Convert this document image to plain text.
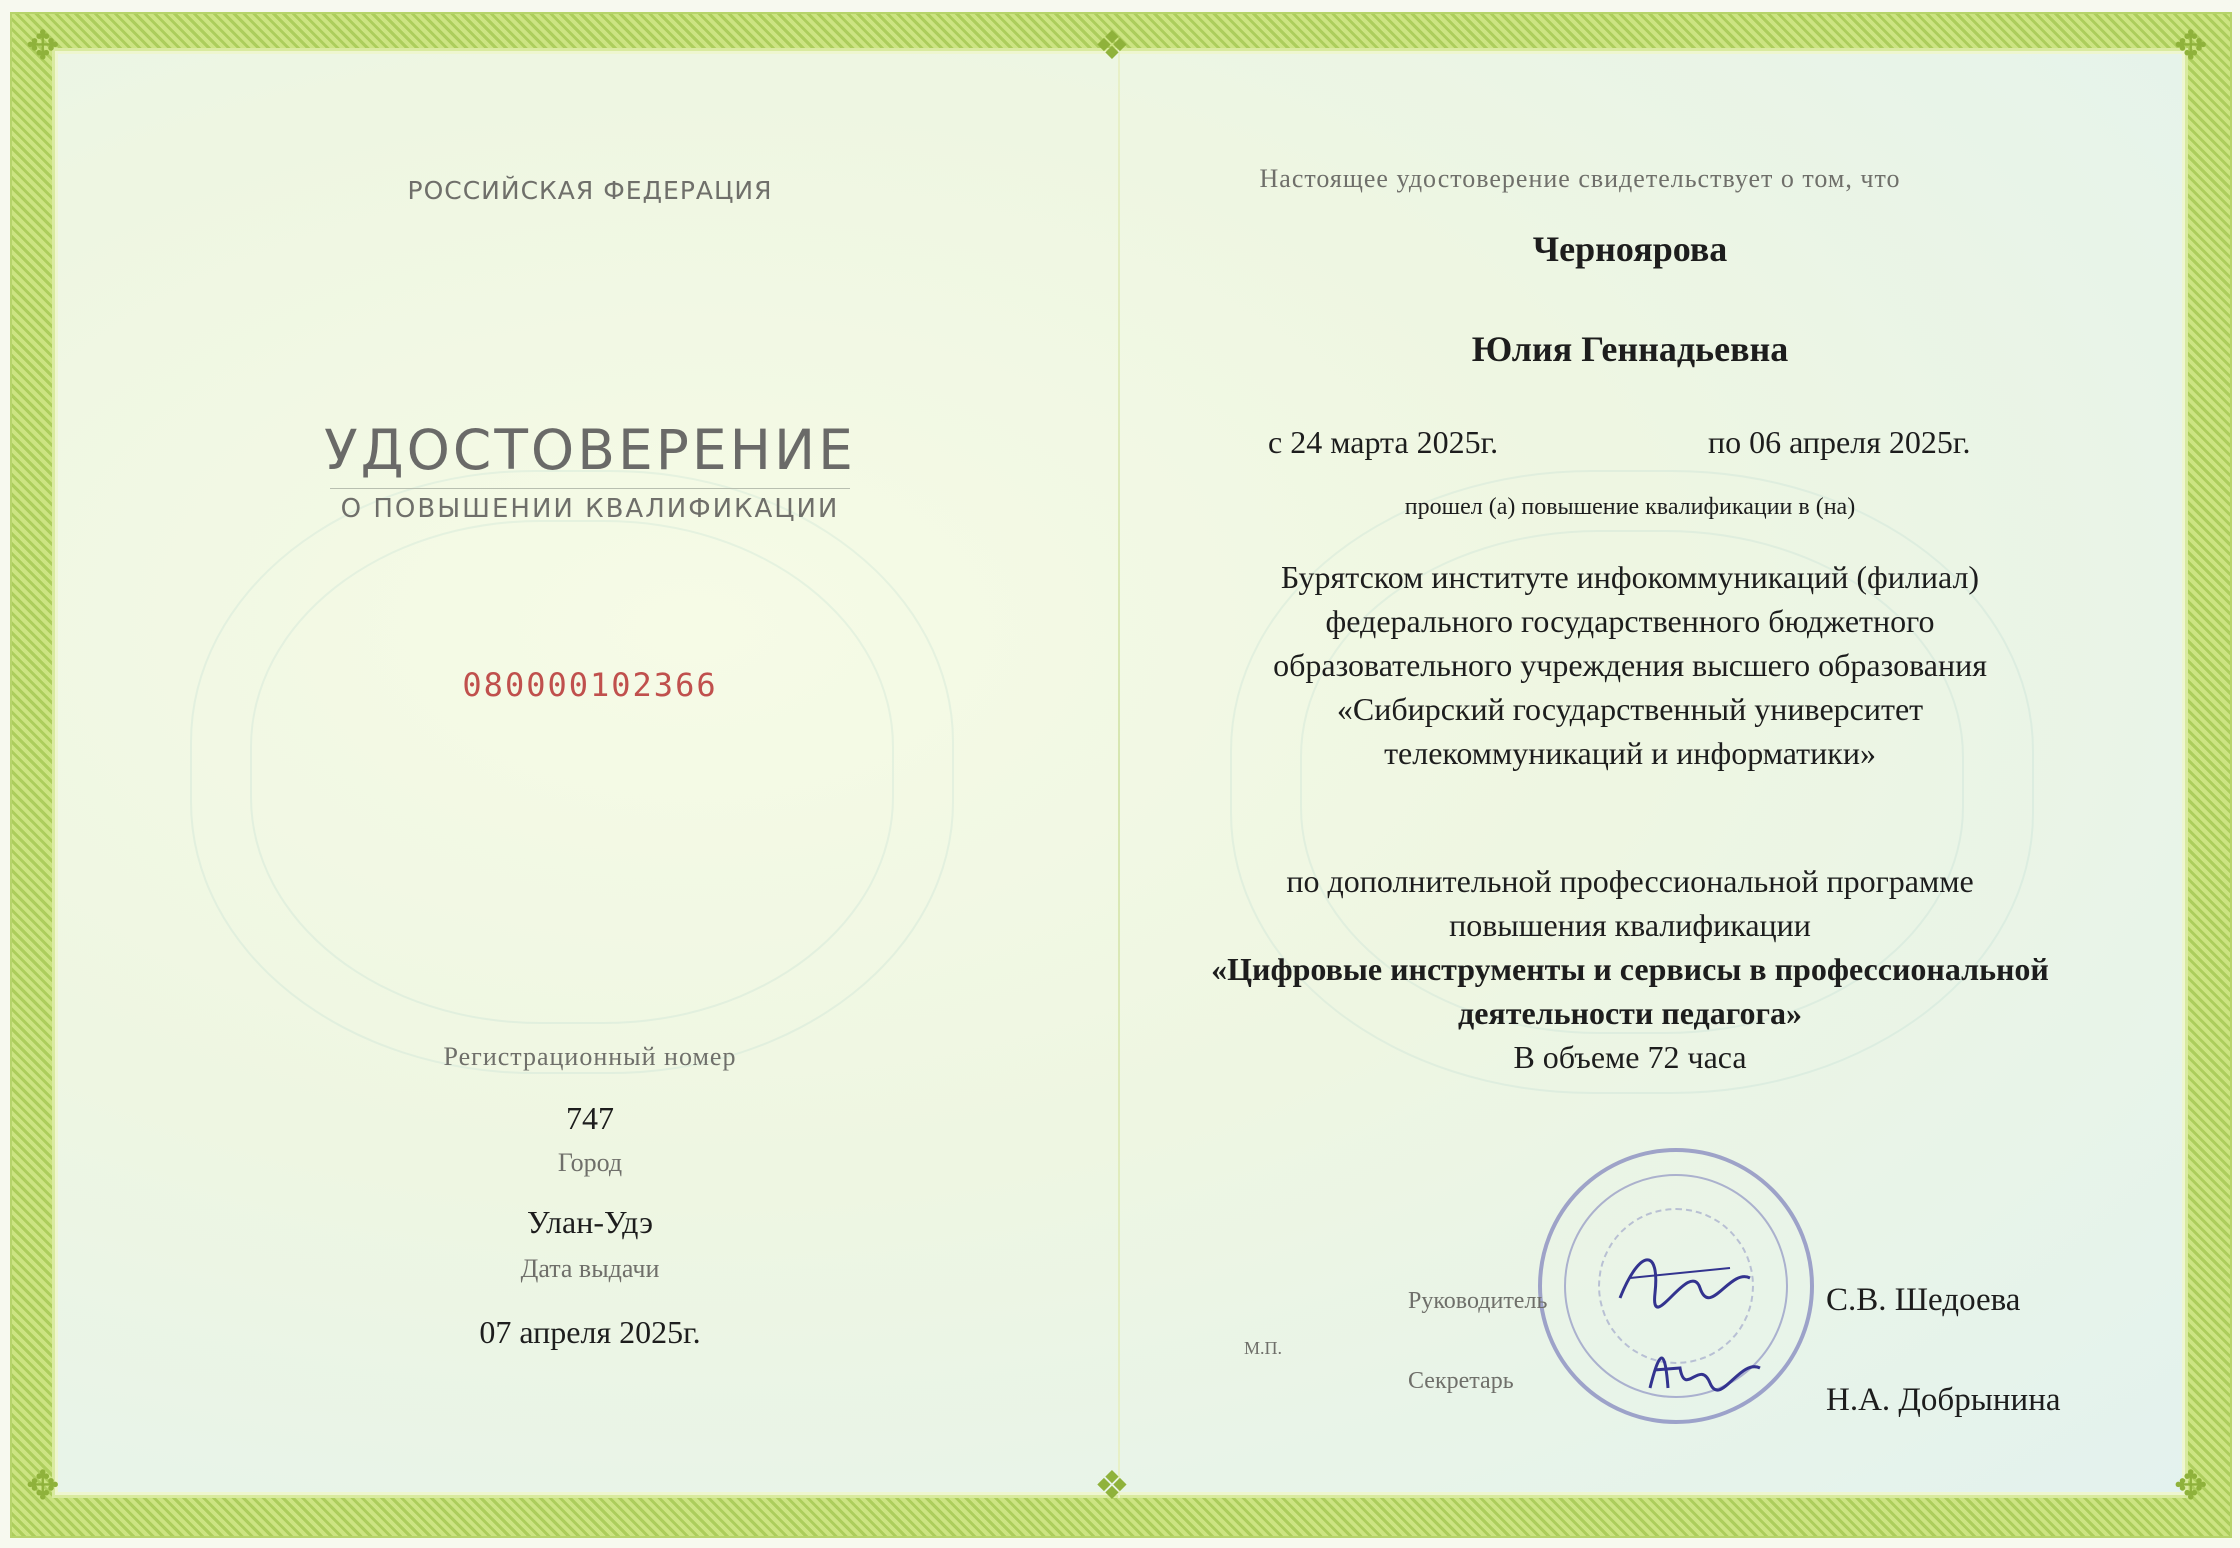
✥	✥
✥	✥
❖
❖
РОССИЙСКАЯ ФЕДЕРАЦИЯ
УДОСТОВЕРЕНИЕ
О ПОВЫШЕНИИ КВАЛИФИКАЦИИ
080000102366
Регистрационный номер
747
Город
Улан-Удэ
Дата выдачи
07 апреля 2025г.
Настоящее удостоверение свидетельствует о том, что
Черноярова
Юлия Геннадьевна
с 24 марта 2025г.	по 06 апреля 2025г.
прошел (а) повышение квалификации в (на)
Бурятском институте инфокоммуникаций (филиал)
федерального государственного бюджетного
образовательного учреждения высшего образования
«Сибирский государственный университет
телекоммуникаций и информатики»
по дополнительной профессиональной программе
повышения квалификации
«Цифровые инструменты и сервисы в профессиональной
деятельности педагога»
В объеме 72 часа
Руководитель	С.В. Шедоева
М.П.
Секретарь
Н.А. Добрынина
